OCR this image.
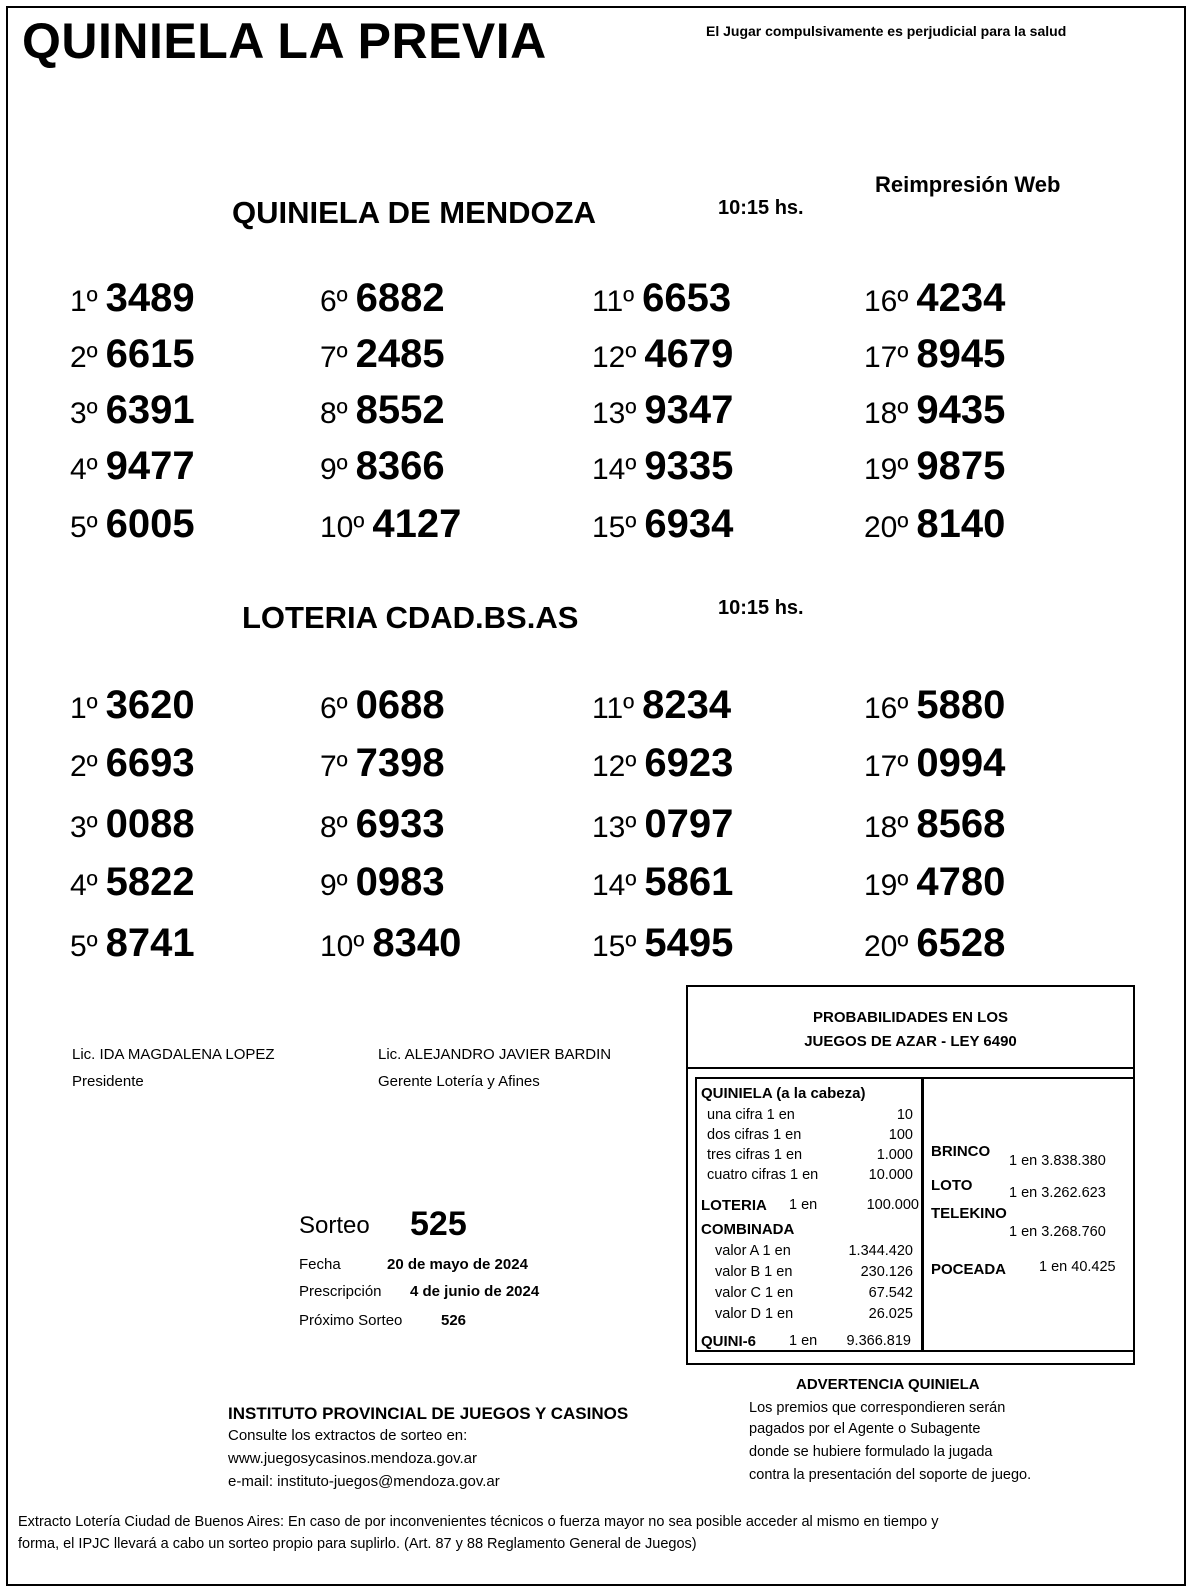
QUINIELA LA PREVIA	El Jugar compulsivamente es perjudicial para la salud
Reimpresión Web
QUINIELA DE MENDOZA	10:15 hs.
1º 3489
2º 6615
3º 6391
4º 9477
5º 6005
6º 6882
7º 2485
8º 8552
9º 8366
10º 4127
11º 6653
12º 4679
13º 9347
14º 9335
15º 6934
16º 4234
17º 8945
18º 9435
19º 9875
20º 8140
LOTERIA CDAD.BS.AS	10:15 hs.
1º 3620
2º 6693
3º 0088
4º 5822
5º 8741
6º 0688
7º 7398
8º 6933
9º 0983
10º 8340
11º 8234
12º 6923
13º 0797
14º 5861
15º 5495
16º 5880
17º 0994
18º 8568
19º 4780
20º 6528
Lic. IDA MAGDALENA LOPEZ
Presidente
Lic. ALEJANDRO JAVIER BARDIN
Gerente Lotería y Afines
Sorteo 525
Fecha	20 de mayo de 2024
Prescripción 4 de junio de 2024
Próximo Sorteo	526
PROBABILIDADES EN LOS
JUEGOS DE AZAR - LEY 6490
QUINIELA (a la cabeza)
una cifra 1 en	10
dos cifras 1 en	100
tres cifras 1 en	1.000
cuatro cifras 1 en	10.000
LOTERIA 1 en	100.000
COMBINADA
valor A 1 en	1.344.420
valor B 1 en	230.126
valor C 1 en	67.542
valor D 1 en	26.025
QUINI-6 1 en	9.366.819
BRINCO
1 en 3.838.380
LOTO	1 en 3.262.623
TELEKINO
1 en 3.268.760
POCEADA 1 en 40.425
ADVERTENCIA QUINIELA
Los premios que correspondieren serán
pagados por el Agente o Subagente
donde se hubiere formulado la jugada
contra la presentación del soporte de juego.
INSTITUTO PROVINCIAL DE JUEGOS Y CASINOS
Consulte los extractos de sorteo en:
www.juegosycasinos.mendoza.gov.ar
e-mail: instituto-juegos@mendoza.gov.ar
Extracto Lotería Ciudad de Buenos Aires: En caso de por inconvenientes técnicos o fuerza mayor no sea posible acceder al mismo en tiempo y
forma, el IPJC llevará a cabo un sorteo propio para suplirlo. (Art. 87 y 88 Reglamento General de Juegos)
